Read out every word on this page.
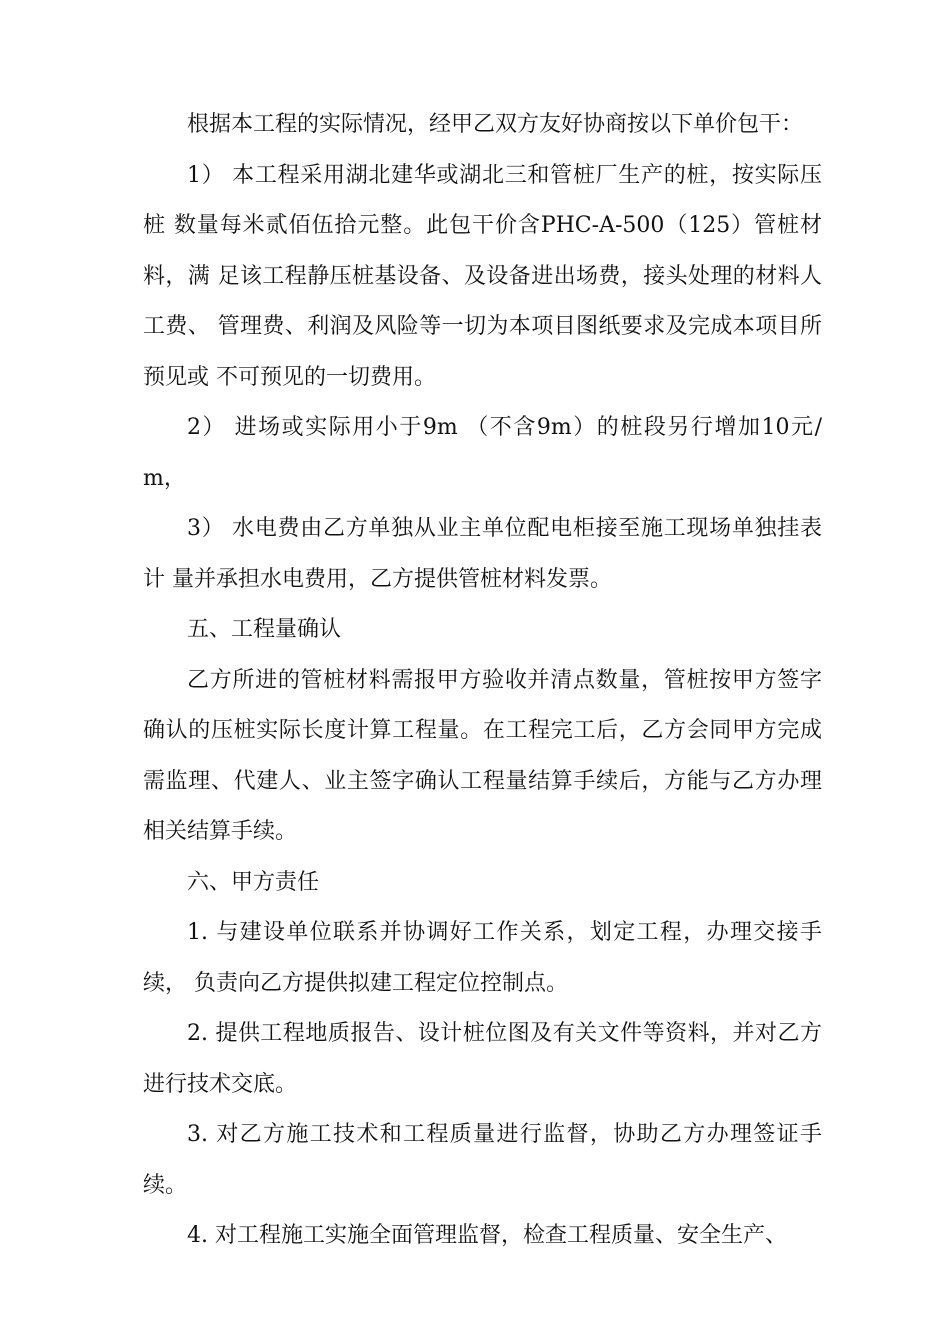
根据本工程的实际情况，经甲乙双方友好协商按以下单价包干：

1） 本工程采用湖北建华或湖北三和管桩厂生产的桩，按实际压桩 数量每米贰佰伍拾元整。此包干价含PHC-A-500（125）管桩材料，满 足该工程静压桩基设备、及设备进出场费，接头处理的材料人工费、 管理费、利润及风险等一切为本项目图纸要求及完成本项目所预见或 不可预见的一切费用。

2） 进场或实际用小于9m （不含9m）的桩段另行增加10元/m，

3） 水电费由乙方单独从业主单位配电柜接至施工现场单独挂表计 量并承担水电费用，乙方提供管桩材料发票。

五、工程量确认

乙方所进的管桩材料需报甲方验收并清点数量，管桩按甲方签字确认的压桩实际长度计算工程量。在工程完工后，乙方会同甲方完成需监理、代建人、业主签字确认工程量结算手续后，方能与乙方办理相关结算手续。

六、甲方责任

1. 与建设单位联系并协调好工作关系，划定工程，办理交接手续， 负责向乙方提供拟建工程定位控制点。

2. 提供工程地质报告、设计桩位图及有关文件等资料，并对乙方进行技术交底。

3. 对乙方施工技术和工程质量进行监督，协助乙方办理签证手续。

4. 对工程施工实施全面管理监督，检查工程质量、安全生产、
